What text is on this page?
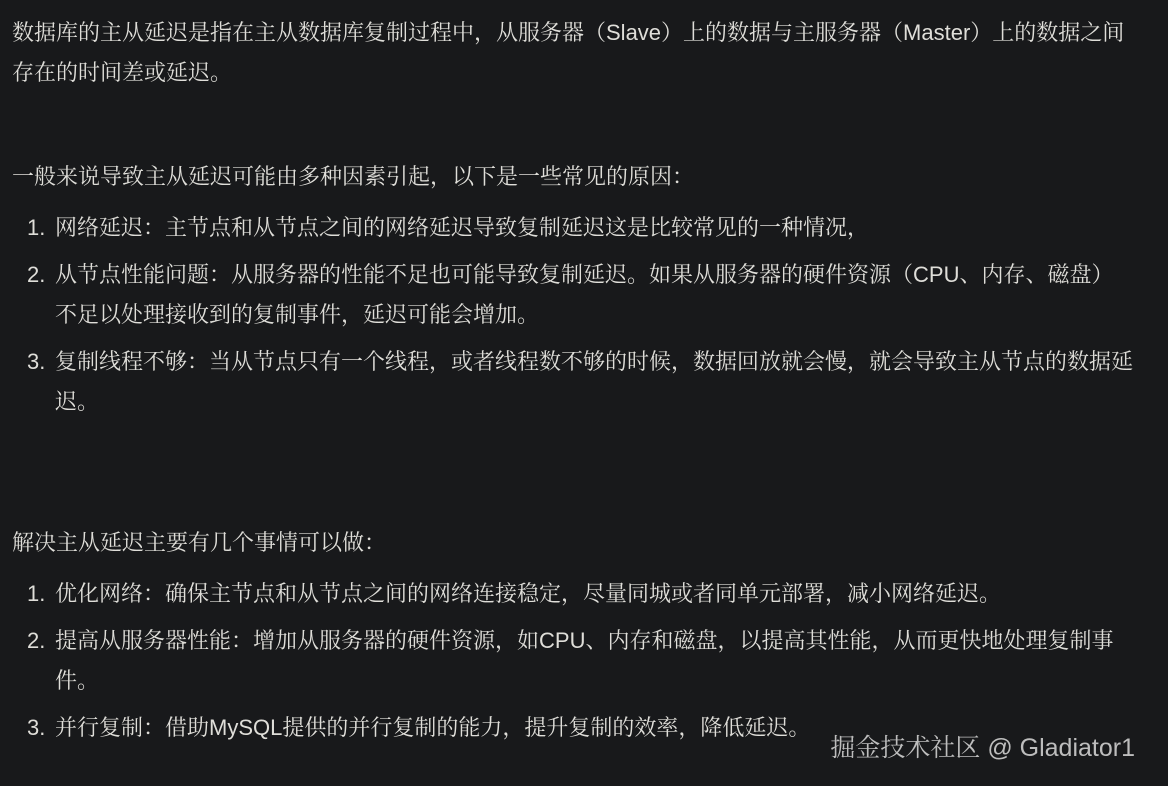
数据库的主从延迟是指在主从数据库复制过程中，从服务器（Slave）上的数据与主服务器（Master）上的数据之间存在的时间差或延迟。

一般来说导致主从延迟可能由多种因素引起，以下是一些常见的原因：

1. 网络延迟：主节点和从节点之间的网络延迟导致复制延迟这是比较常见的一种情况，
2. 从节点性能问题：从服务器的性能不足也可能导致复制延迟。如果从服务器的硬件资源（CPU、内存、磁盘）不足以处理接收到的复制事件，延迟可能会增加。
3. 复制线程不够：当从节点只有一个线程，或者线程数不够的时候，数据回放就会慢，就会导致主从节点的数据延迟。

解决主从延迟主要有几个事情可以做：

1. 优化网络：确保主节点和从节点之间的网络连接稳定，尽量同城或者同单元部署，减小网络延迟。
2. 提高从服务器性能：增加从服务器的硬件资源，如CPU、内存和磁盘，以提高其性能，从而更快地处理复制事件。
3. 并行复制：借助MySQL提供的并行复制的能力，提升复制的效率，降低延迟。
掘金技术社区 @ Gladiator1
